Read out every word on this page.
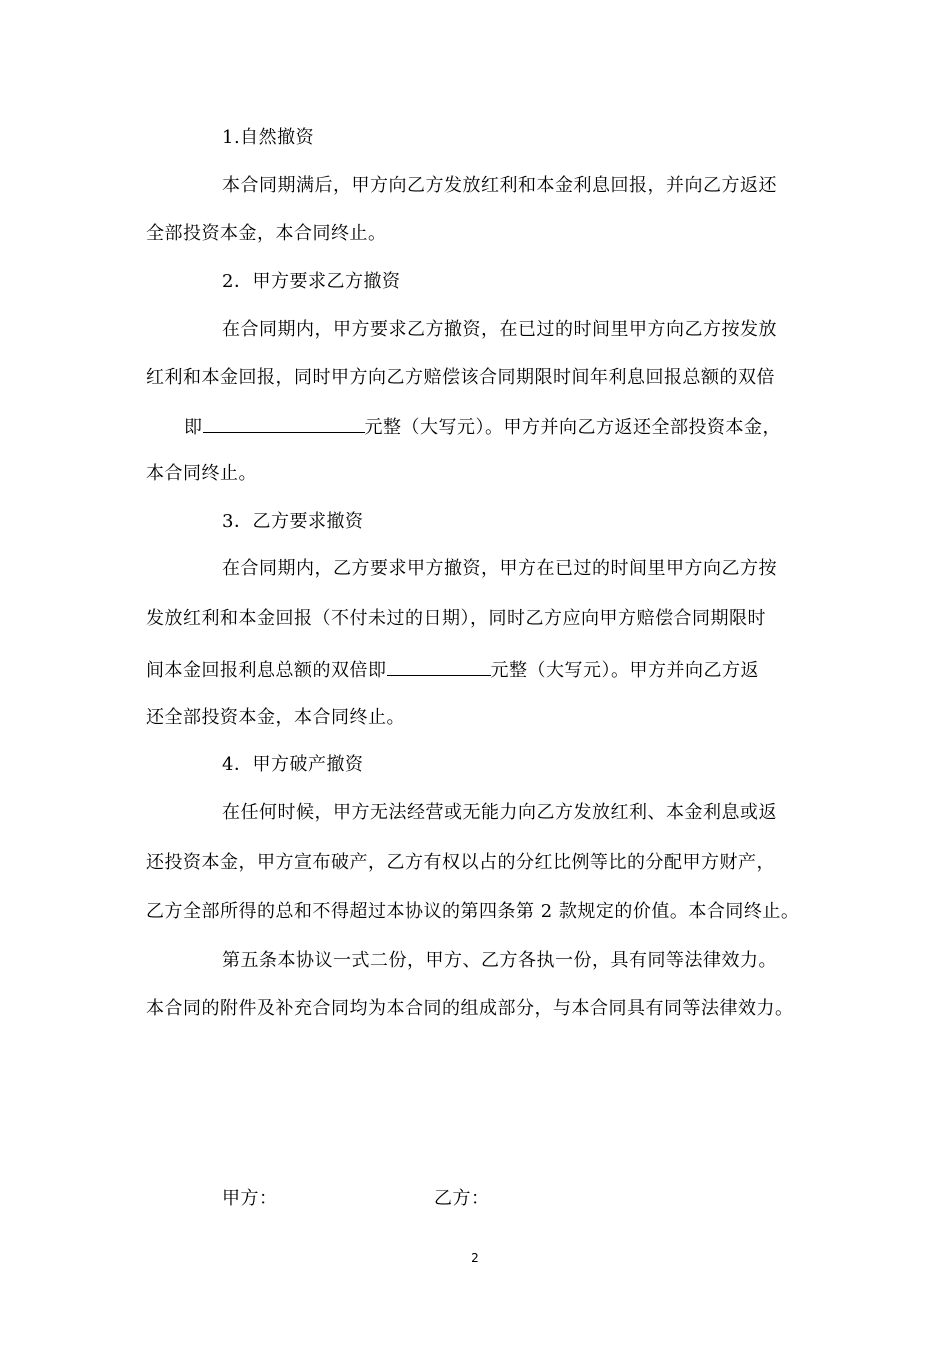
1.自然撤资
本合同期满后，甲方向乙方发放红利和本金利息回报，并向乙方返还
全部投资本金，本合同终止。
2．甲方要求乙方撤资
在合同期内，甲方要求乙方撤资，在已过的时间里甲方向乙方按发放
红利和本金回报，同时甲方向乙方赔偿该合同期限时间年利息回报总额的双倍
即	元整（大写元）。甲方并向乙方返还全部投资本金，
本合同终止。
3．乙方要求撤资
在合同期内，乙方要求甲方撤资，甲方在已过的时间里甲方向乙方按
发放红利和本金回报（不付未过的日期），同时乙方应向甲方赔偿合同期限时
间本金回报利息总额的双倍即	元整（大写元）。甲方并向乙方返
还全部投资本金，本合同终止。
4．甲方破产撤资
在任何时候，甲方无法经营或无能力向乙方发放红利、本金利息或返
还投资本金，甲方宣布破产，乙方有权以占的分红比例等比的分配甲方财产，
乙方全部所得的总和不得超过本协议的第四条第 2 款规定的价值。本合同终止。
第五条本协议一式二份，甲方、乙方各执一份，具有同等法律效力。
本合同的附件及补充合同均为本合同的组成部分，与本合同具有同等法律效力。
甲方：	乙方：
2
